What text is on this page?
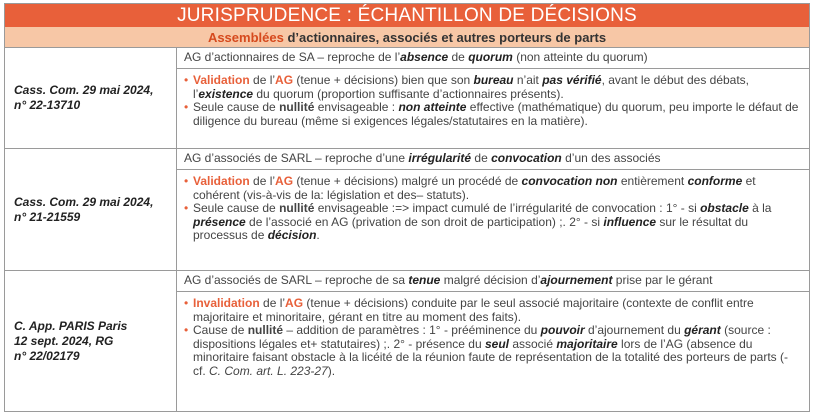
JURISPRUDENCE : ÉCHANTILLON DE DÉCISIONS
Assemblées d’actionnaires, associés et autres porteurs de parts
Cass. Com. 29 mai 2024,
n° 22-13710
AG d’actionnaires de SA – reproche de l’absence de quorum (non atteinte du quorum)
• Validation de l’AG (tenue + décisions) bien que son bureau n’ait pas vérifié, avant le début des débats, l’existence du quorum (proportion suffisante d’actionnaires présents).
• Seule cause de nullité envisageable : non atteinte effective (mathématique) du quorum, peu importe le défaut de diligence du bureau (même si exigences légales/statutaires en la matière).
Cass. Com. 29 mai 2024,
n° 21-21559
AG d’associés de SARL – reproche d’une irrégularité de convocation d’un des associés
• Validation de l’AG (tenue + décisions) malgré un procédé de convocation non entièrement conforme et cohérent (vis-à-vis de la: législation et des– statuts).
• Seule cause de nullité envisageable :=> impact cumulé de l’irrégularité de convocation : 1° - si obstacle à la présence de l’associé en AG (privation de son droit de participation) ;. 2° - si influence sur le résultat du processus de décision.
C. App. PARIS Paris
12 sept. 2024, RG
n° 22/02179
AG d’associés de SARL – reproche de sa tenue malgré décision d’ajournement prise par le gérant
• Invalidation de l’AG (tenue + décisions) conduite par le seul associé majoritaire (contexte de conflit entre majoritaire et minoritaire, gérant en titre au moment des faits).
• Cause de nullité – addition de paramètres : 1° - prééminence du pouvoir d’ajournement du gérant (source : dispositions légales et+ statutaires) ;. 2° - présence du seul associé majoritaire lors de l’AG (absence du minoritaire faisant obstacle à la licéité de la réunion faute de représentation de la totalité des porteurs de parts (- cf. C. Com. art. L. 223-27).
